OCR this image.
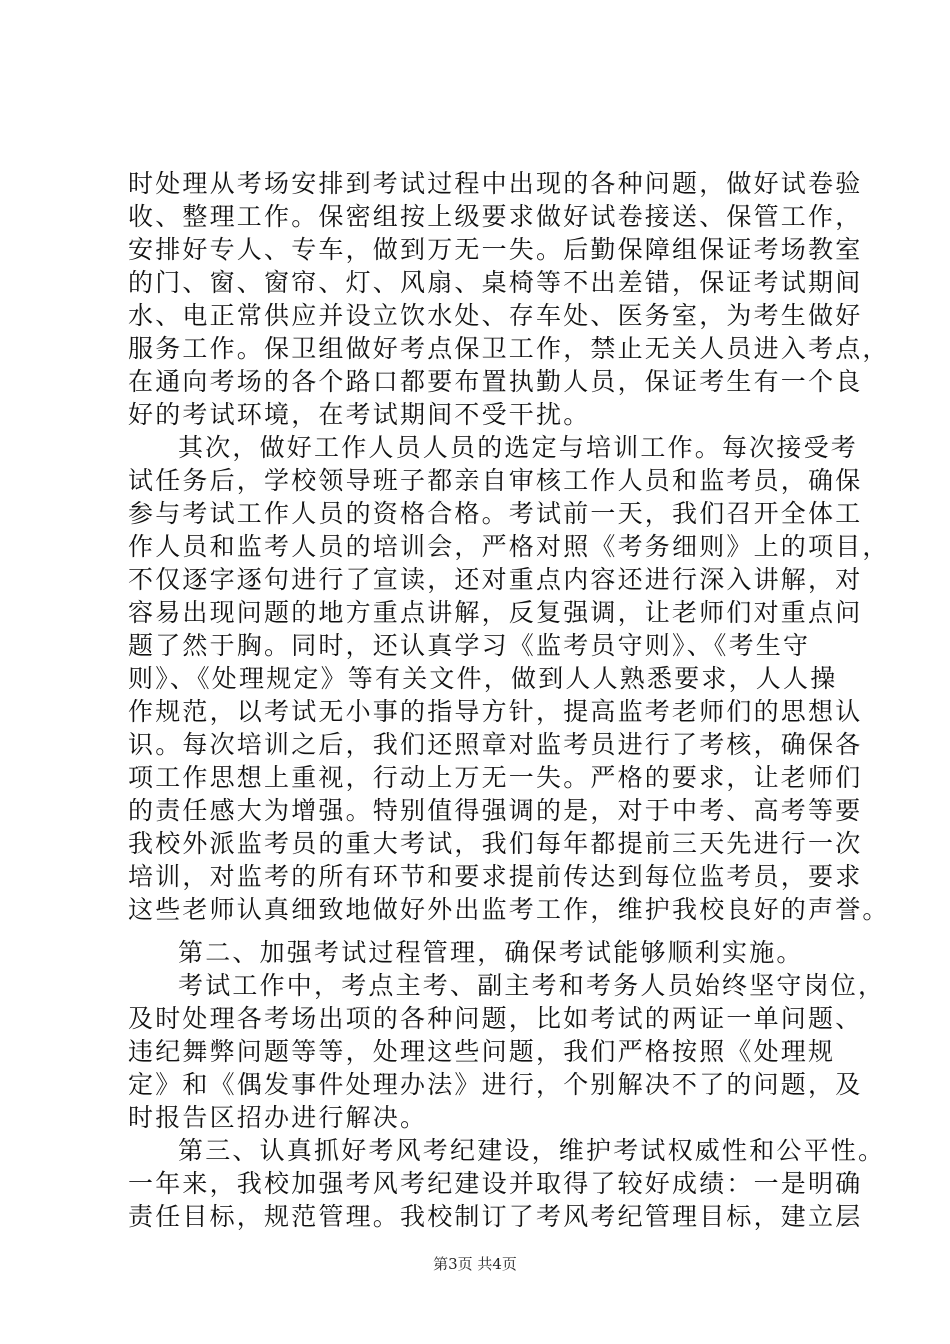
时处理从考场安排到考试过程中出现的各种问题，做好试卷验
收、整理工作。保密组按上级要求做好试卷接送、保管工作，
安排好专人、专车，做到万无一失。后勤保障组保证考场教室
的门、窗、窗帘、灯、风扇、桌椅等不出差错，保证考试期间
水、电正常供应并设立饮水处、存车处、医务室，为考生做好
服务工作。保卫组做好考点保卫工作，禁止无关人员进入考点，
在通向考场的各个路口都要布置执勤人员，保证考生有一个良
好的考试环境，在考试期间不受干扰。
其次，做好工作人员人员的选定与培训工作。每次接受考
试任务后，学校领导班子都亲自审核工作人员和监考员，确保
参与考试工作人员的资格合格。考试前一天，我们召开全体工
作人员和监考人员的培训会，严格对照《考务细则》上的项目，
不仅逐字逐句进行了宣读，还对重点内容还进行深入讲解，对
容易出现问题的地方重点讲解，反复强调，让老师们对重点问
题了然于胸。同时，还认真学习《监考员守则》、《考生守
则》、《处理规定》等有关文件，做到人人熟悉要求，人人操
作规范，以考试无小事的指导方针，提高监考老师们的思想认
识。每次培训之后，我们还照章对监考员进行了考核，确保各
项工作思想上重视，行动上万无一失。严格的要求，让老师们
的责任感大为增强。特别值得强调的是，对于中考、高考等要
我校外派监考员的重大考试，我们每年都提前三天先进行一次
培训，对监考的所有环节和要求提前传达到每位监考员，要求
这些老师认真细致地做好外出监考工作，维护我校良好的声誉。
第二、加强考试过程管理，确保考试能够顺利实施。
考试工作中，考点主考、副主考和考务人员始终坚守岗位，
及时处理各考场出项的各种问题，比如考试的两证一单问题、
违纪舞弊问题等等，处理这些问题，我们严格按照《处理规
定》和《偶发事件处理办法》进行，个别解决不了的问题，及
时报告区招办进行解决。
第三、认真抓好考风考纪建设，维护考试权威性和公平性。
一年来，我校加强考风考纪建设并取得了较好成绩：一是明确
责任目标，规范管理。我校制订了考风考纪管理目标，建立层
第3页 共4页
